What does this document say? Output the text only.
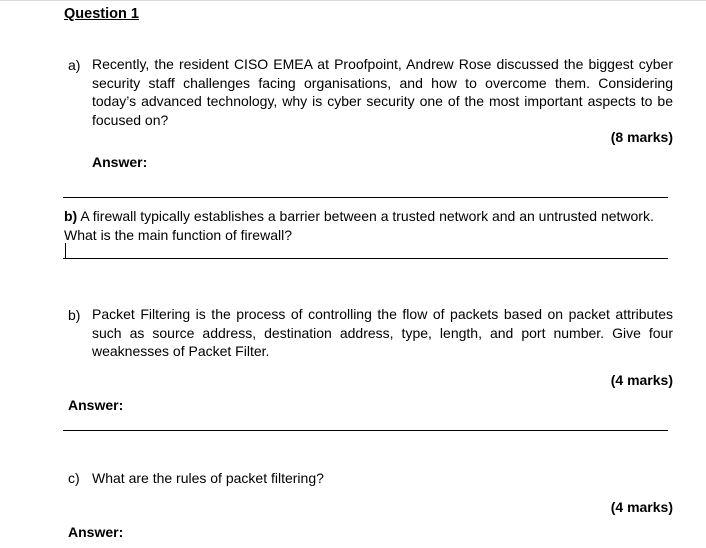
Question 1
a) Recently, the resident CISO EMEA at Proofpoint, Andrew Rose discussed the biggest cyber security staff challenges facing organisations, and how to overcome them. Considering today’s advanced technology, why is cyber security one of the most important aspects to be focused on?
(8 marks)
Answer:
b) A firewall typically establishes a barrier between a trusted network and an untrusted network. What is the main function of firewall?
b) Packet Filtering is the process of controlling the flow of packets based on packet attributes such as source address, destination address, type, length, and port number. Give four weaknesses of Packet Filter.
(4 marks)
Answer:
c) What are the rules of packet filtering?
(4 marks)
Answer:
